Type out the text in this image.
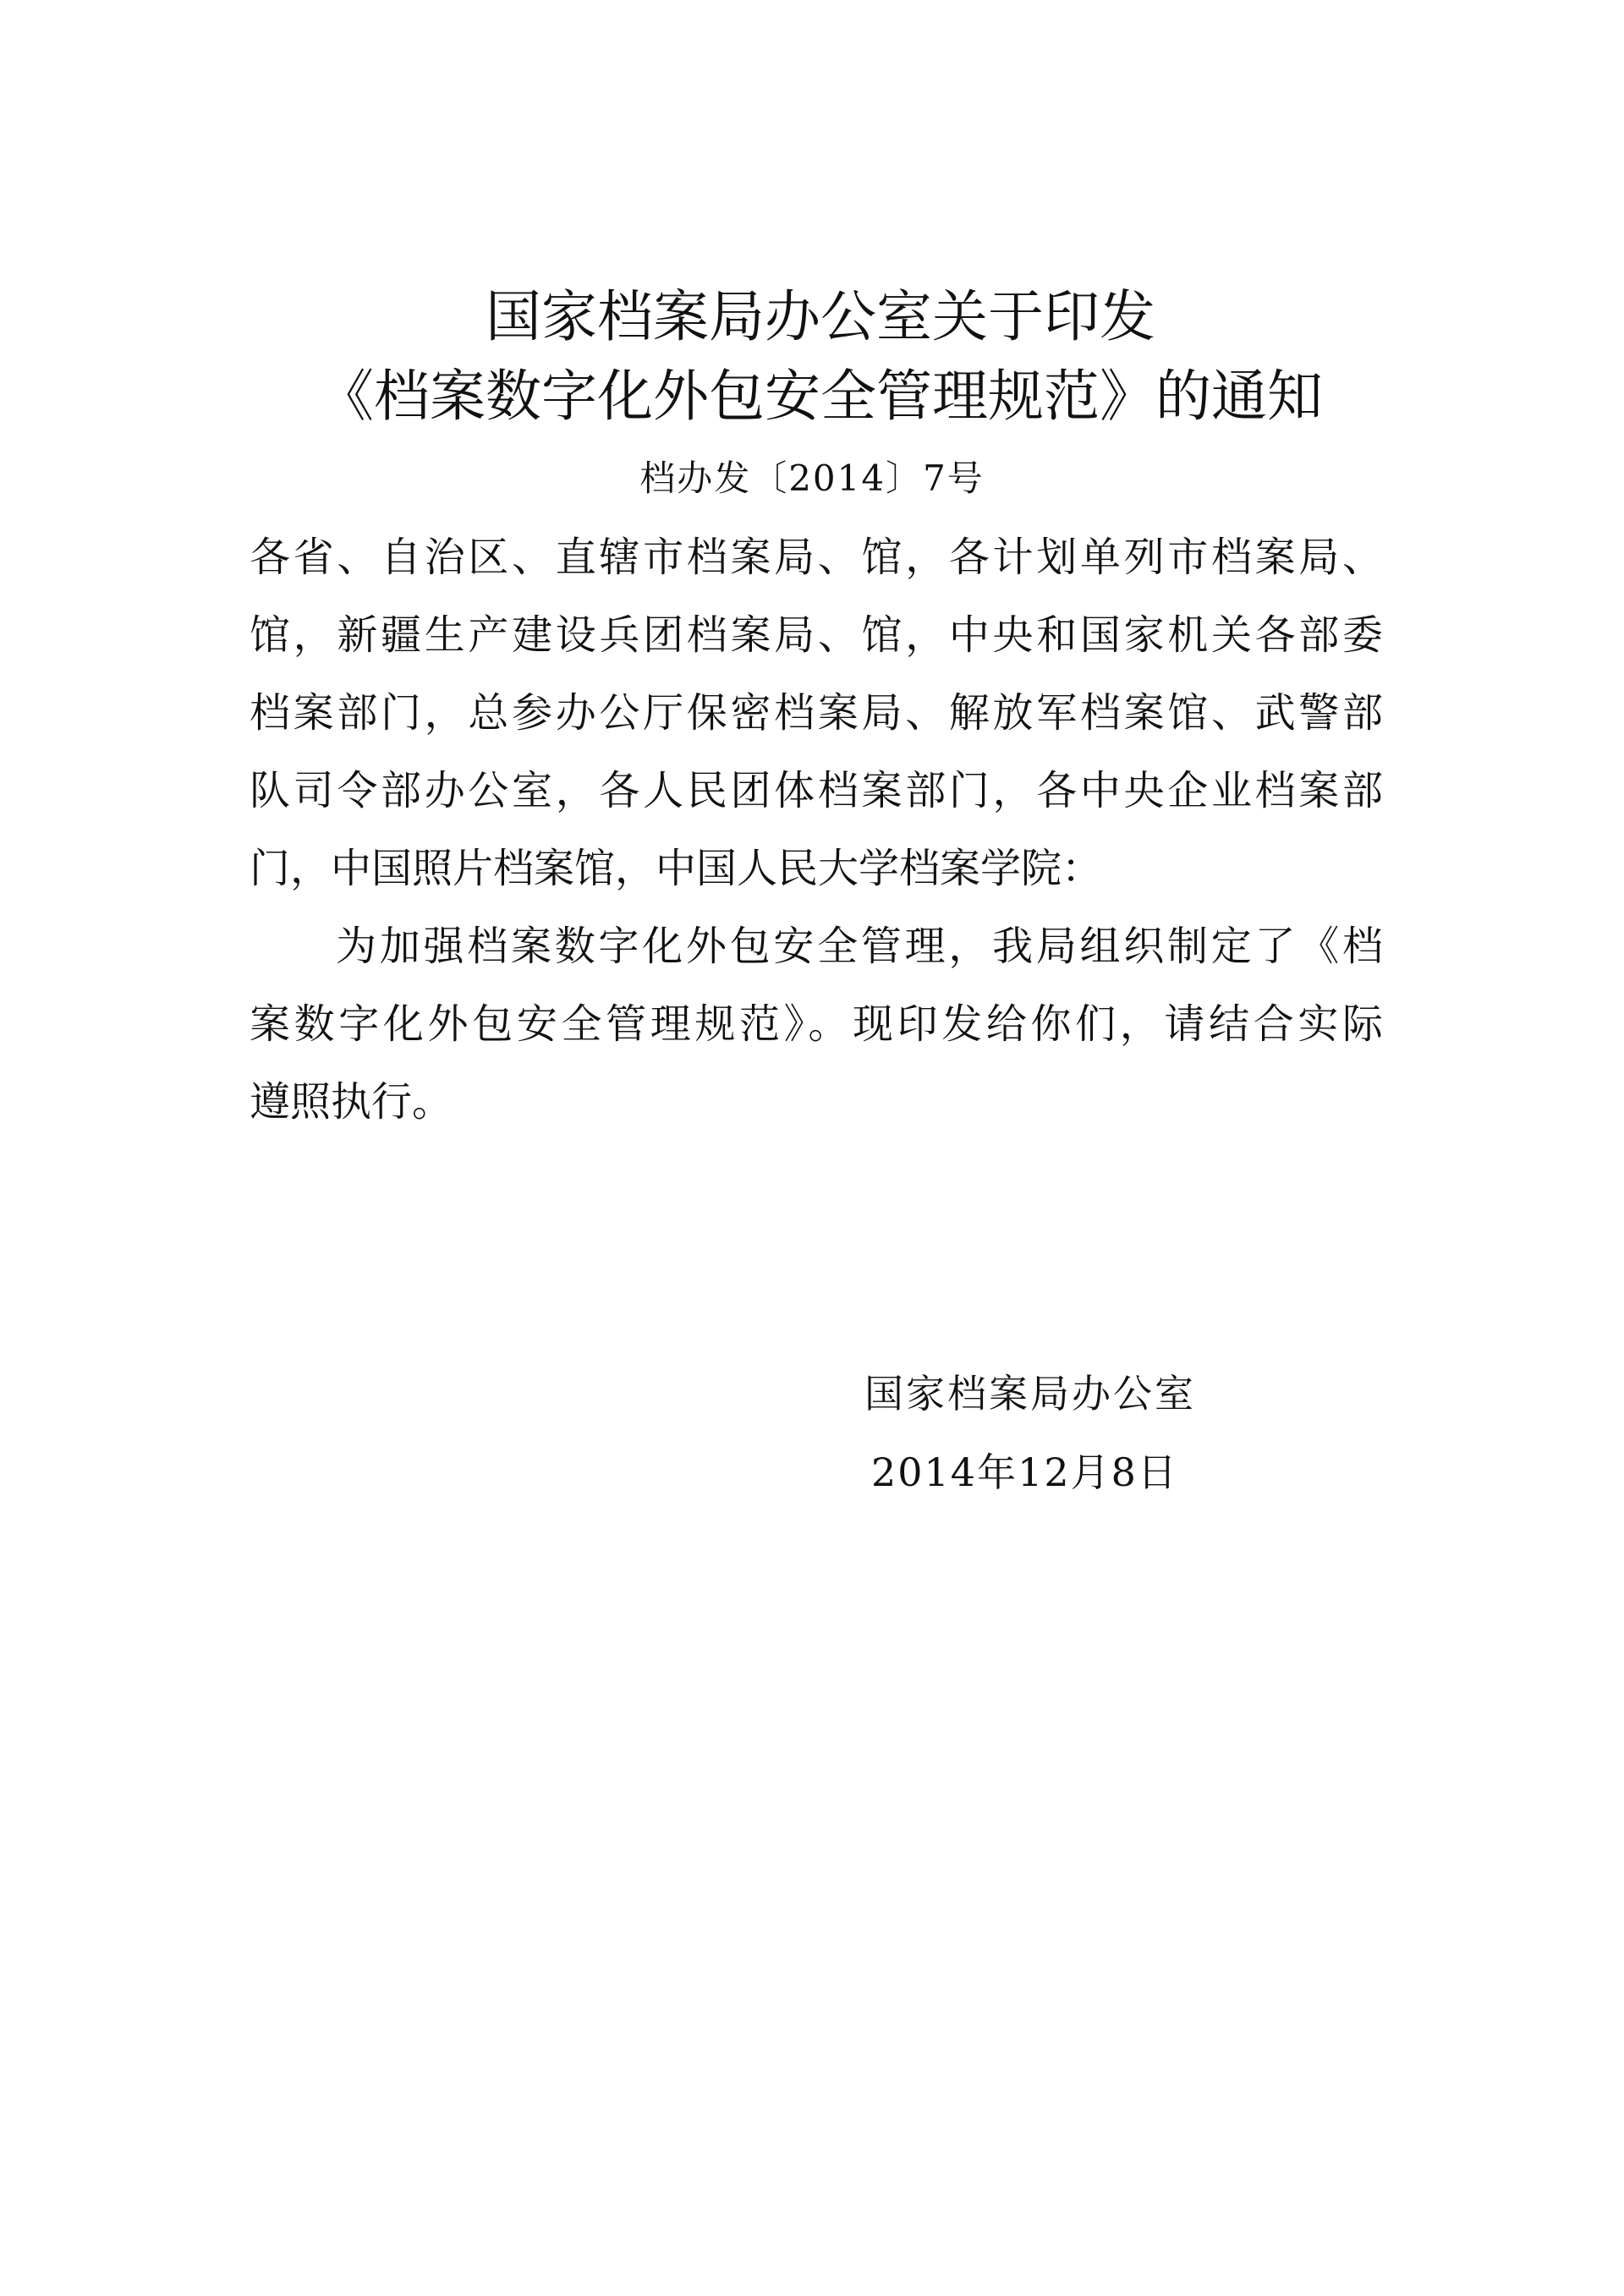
国家档案局办公室关于印发
《档案数字化外包安全管理规范》的通知
档办发〔2014〕7号
各省、自治区、直辖市档案局、馆，各计划单列市档案局、
馆，新疆生产建设兵团档案局、馆，中央和国家机关各部委
档案部门，总参办公厅保密档案局、解放军档案馆、武警部
队司令部办公室，各人民团体档案部门，各中央企业档案部
门，中国照片档案馆，中国人民大学档案学院：
为加强档案数字化外包安全管理，我局组织制定了《档
案数字化外包安全管理规范》。现印发给你们，请结合实际
遵照执行。
国家档案局办公室
2014年12月8日
